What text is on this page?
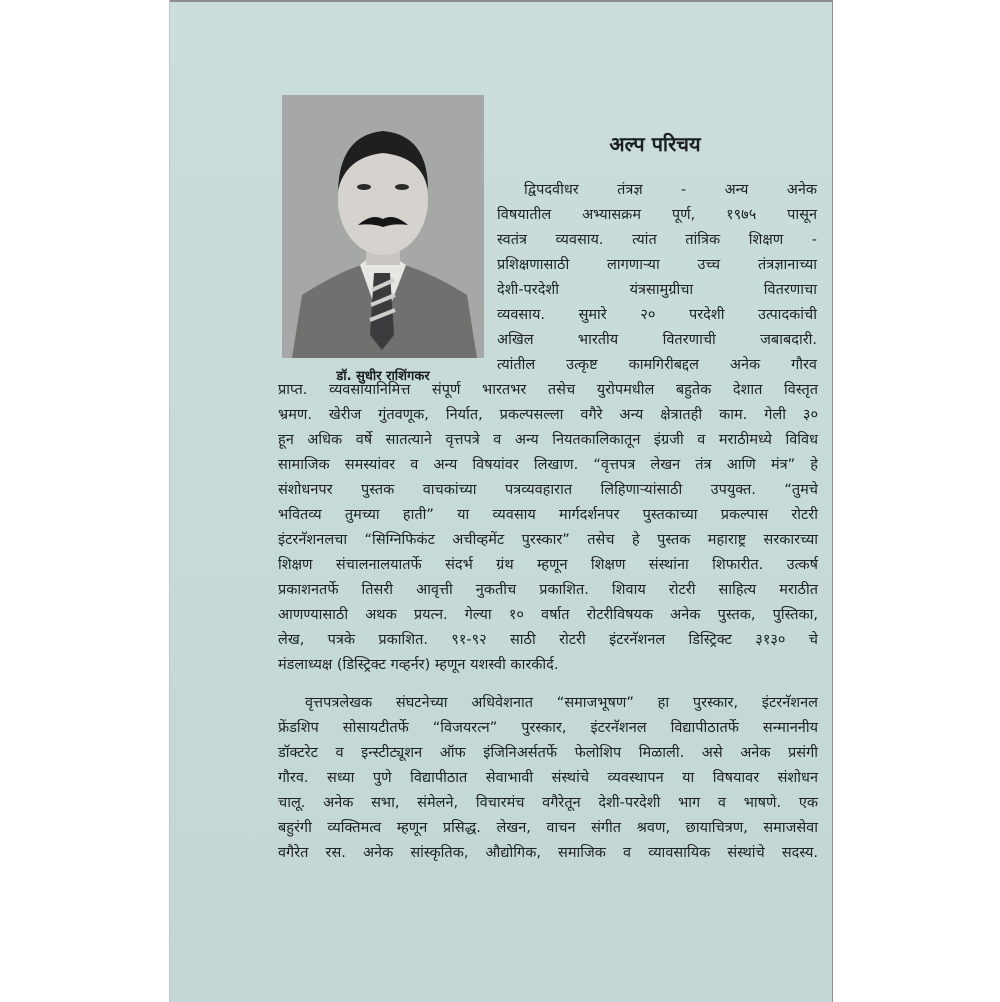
डॉ. सुधीर राशिंगकर
अल्प परिचय
द्विपदवीधर तंत्रज्ञ - अन्य अनेक
विषयातील अभ्यासक्रम पूर्ण, १९७५ पासून
स्वतंत्र व्यवसाय. त्यांत तांत्रिक शिक्षण -
प्रशिक्षणासाठी लागणाऱ्या उच्च तंत्रज्ञानाच्या
देशी-परदेशी यंत्रसामुग्रीचा वितरणाचा
व्यवसाय. सुमारे २० परदेशी उत्पादकांची
अखिल भारतीय वितरणाची जबाबदारी.
त्यांतील उत्कृष्ट कामगिरीबद्दल अनेक गौरव
प्राप्त. व्यवसायानिमित्त संपूर्ण भारतभर तसेच युरोपमधील बहुतेक देशात विस्तृत
भ्रमण. खेरीज गुंतवणूक, निर्यात, प्रकल्पसल्ला वगैरे अन्य क्षेत्रातही काम. गेली ३०
हून अधिक वर्षे सातत्याने वृत्तपत्रे व अन्य नियतकालिकातून इंग्रजी व मराठीमध्ये विविध
सामाजिक समस्यांवर व अन्य विषयांवर लिखाण. “वृत्तपत्र लेखन तंत्र आणि मंत्र” हे
संशोधनपर पुस्तक वाचकांच्या पत्रव्यवहारात लिहिणाऱ्यांसाठी उपयुक्त. “तुमचे
भवितव्य तुमच्या हाती” या व्यवसाय मार्गदर्शनपर पुस्तकाच्या प्रकल्पास रोटरी
इंटरनॅशनलचा “सिग्निफिकंट अचीव्हमेंट पुरस्कार” तसेच हे पुस्तक महाराष्ट्र सरकारच्या
शिक्षण संचालनालयातर्फे संदर्भ ग्रंथ म्हणून शिक्षण संस्थांना शिफारीत. उत्कर्ष
प्रकाशनतर्फे तिसरी आवृत्ती नुकतीच प्रकाशित. शिवाय रोटरी साहित्य मराठीत
आणण्यासाठी अथक प्रयत्न. गेल्या १० वर्षात रोटरीविषयक अनेक पुस्तक, पुस्तिका,
लेख, पत्रके प्रकाशित. ९१-९२ साठी रोटरी इंटरनॅशनल डिस्ट्रिक्ट ३१३० चे
मंडलाध्यक्ष (डिस्ट्रिक्ट गव्हर्नर) म्हणून यशस्वी कारकीर्द.
वृत्तपत्रलेखक संघटनेच्या अधिवेशनात “समाजभूषण” हा पुरस्कार, इंटरनॅशनल
फ्रेंडशिप सोसायटीतर्फे “विजयरत्न” पुरस्कार, इंटरनॅशनल विद्यापीठातर्फे सन्माननीय
डॉक्टरेट व इन्स्टीट्यूशन ऑफ इंजिनिअर्सतर्फे फेलोशिप मिळाली. असे अनेक प्रसंगी
गौरव. सध्या पुणे विद्यापीठात सेवाभावी संस्थांचे व्यवस्थापन या विषयावर संशोधन
चालू. अनेक सभा, संमेलने, विचारमंच वगैरेतून देशी-परदेशी भाग व भाषणे. एक
बहुरंगी व्यक्तिमत्व म्हणून प्रसिद्ध. लेखन, वाचन संगीत श्रवण, छायाचित्रण, समाजसेवा
वगैरेत रस. अनेक सांस्कृतिक, औद्योगिक, समाजिक व व्यावसायिक संस्थांचे सदस्य.
